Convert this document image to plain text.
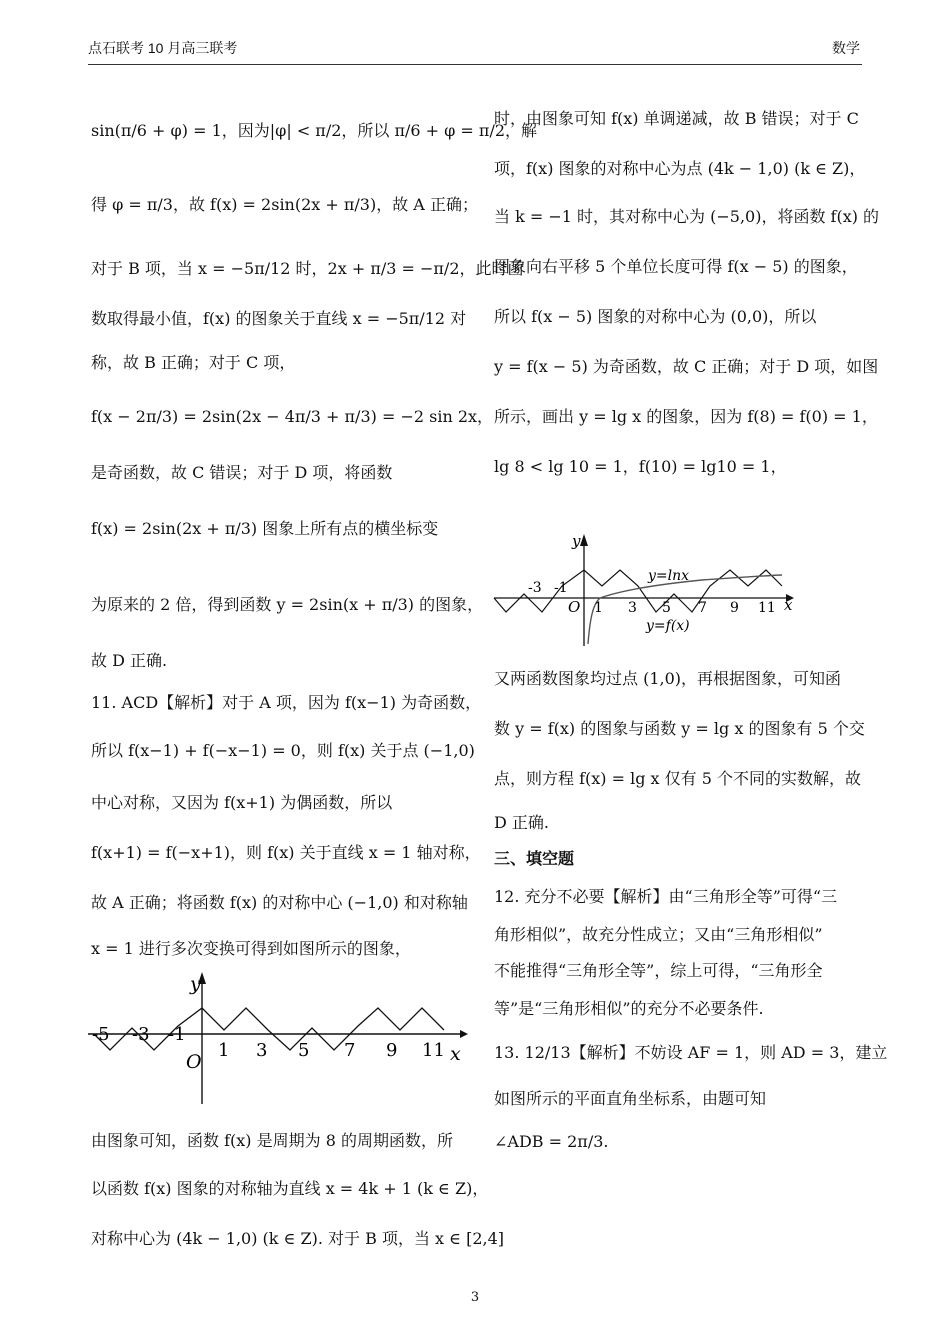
点石联考 10 月高三联考	数学
sin(π/6 + φ) = 1，因为|φ| < π/2，所以 π/6 + φ = π/2，解
得 φ = π/3，故 f(x) = 2sin(2x + π/3)，故 A 正确；
对于 B 项，当 x = −5π/12 时，2x + π/3 = −π/2，此时函
数取得最小值，f(x) 的图象关于直线 x = −5π/12 对
称，故 B 正确；对于 C 项，
f(x − 2π/3) = 2sin(2x − 4π/3 + π/3) = −2 sin 2x，
是奇函数，故 C 错误；对于 D 项，将函数
f(x) = 2sin(2x + π/3) 图象上所有点的横坐标变
为原来的 2 倍，得到函数 y = 2sin(x + π/3) 的图象，
故 D 正确.
11. ACD【解析】对于 A 项，因为 f(x−1) 为奇函数，
所以 f(x−1) + f(−x−1) = 0，则 f(x) 关于点 (−1,0)
中心对称，又因为 f(x+1) 为偶函数，所以
f(x+1) = f(−x+1)，则 f(x) 关于直线 x = 1 轴对称，
故 A 正确；将函数 f(x) 的对称中心 (−1,0) 和对称轴
x = 1 进行多次变换可得到如图所示的图象，
由图象可知，函数 f(x) 是周期为 8 的周期函数，所
以函数 f(x) 图象的对称轴为直线 x = 4k + 1 (k ∈ Z)，
对称中心为 (4k − 1,0) (k ∈ Z). 对于 B 项，当 x ∈ [2,4]
y
x
O
-5 -3 -1
1 3 5 7 9 11
时，由图象可知 f(x) 单调递减，故 B 错误；对于 C
项，f(x) 图象的对称中心为点 (4k − 1,0) (k ∈ Z)，
当 k = −1 时，其对称中心为 (−5,0)，将函数 f(x) 的
图象向右平移 5 个单位长度可得 f(x − 5) 的图象，
所以 f(x − 5) 图象的对称中心为 (0,0)，所以
y = f(x − 5) 为奇函数，故 C 正确；对于 D 项，如图
所示，画出 y = lg x 的图象，因为 f(8) = f(0) = 1，
lg 8 < lg 10 = 1，f(10) = lg10 = 1，
又两函数图象均过点 (1,0)，再根据图象，可知函
数 y = f(x) 的图象与函数 y = lg x 的图象有 5 个交
点，则方程 f(x) = lg x 仅有 5 个不同的实数解，故
D 正确.
三、填空题
12. 充分不必要【解析】由“三角形全等”可得“三
角形相似”，故充分性成立；又由“三角形相似”
不能推得“三角形全等”，综上可得，“三角形全
等”是“三角形相似”的充分不必要条件.
13. 12/13【解析】不妨设 AF = 1，则 AD = 3，建立
如图所示的平面直角坐标系，由题可知
∠ADB = 2π/3.
y
x
O
-3 -1
1 3 5 7 9 11
y=lnx
y=f(x)
3
